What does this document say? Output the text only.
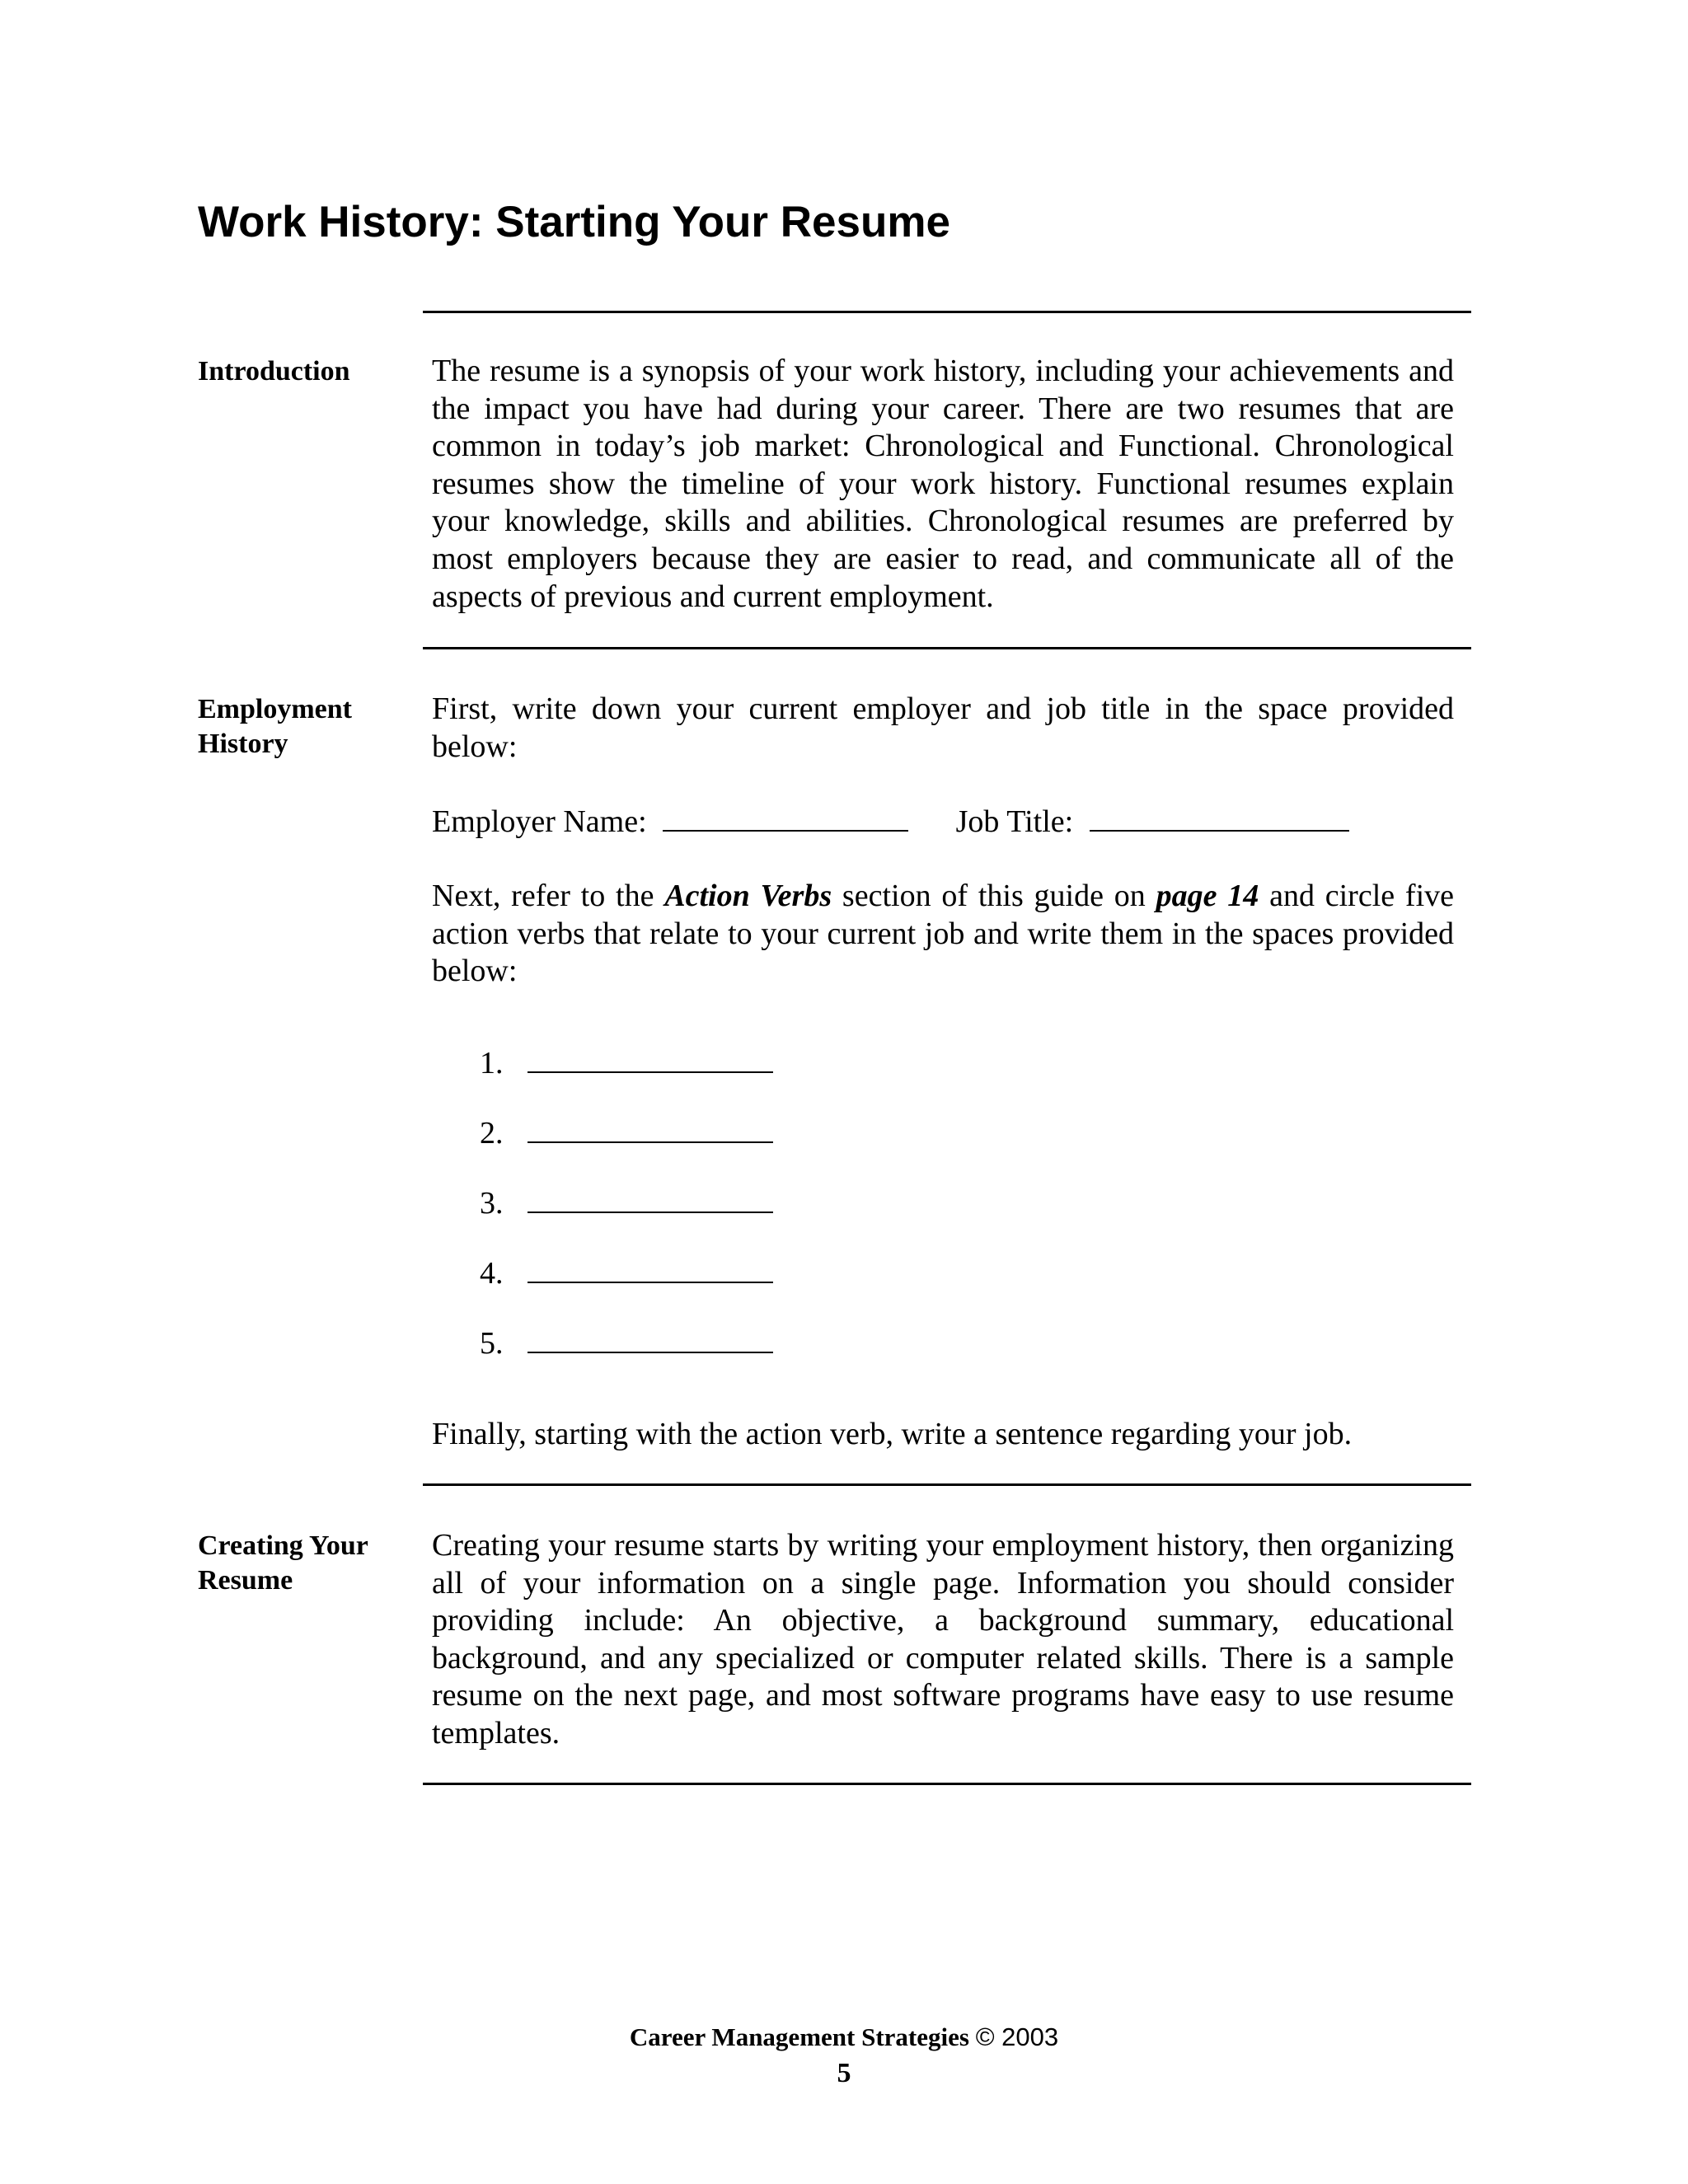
Work History: Starting Your Resume
Introduction	The resume is a synopsis of your work history, including your achievements and the impact you have had during your career. There are two resumes that are common in today’s job market: Chronological and Functional. Chronological resumes show the timeline of your work history. Functional resumes explain your knowledge, skills and abilities. Chronological resumes are preferred by most employers because they are easier to read, and communicate all of the aspects of previous and current employment.
Employment
History
First, write down your current employer and job title in the space provided below:
Employer Name:	Job Title:
Next, refer to the Action Verbs section of this guide on page 14 and circle five action verbs that relate to your current job and write them in the spaces provided below:
1.
2.
3.
4.
5.
Finally, starting with the action verb, write a sentence regarding your job.
Creating Your
Resume
Creating your resume starts by writing your employment history, then organizing all of your information on a single page. Information you should consider providing include: An objective, a background summary, educational background, and any specialized or computer related skills. There is a sample resume on the next page, and most software programs have easy to use resume templates.
Career Management Strategies © 2003
5
